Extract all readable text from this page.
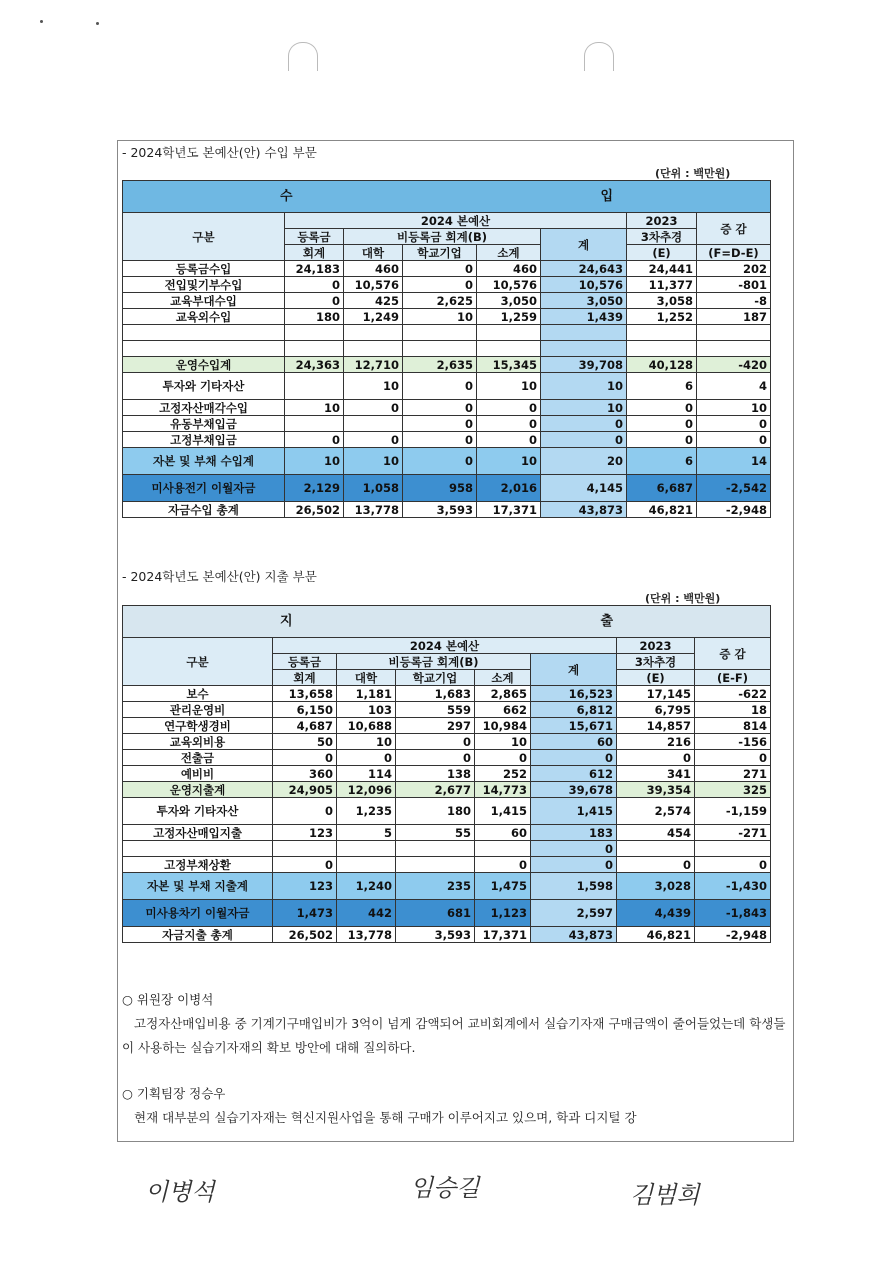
- 2024학년도 본예산(안) 수입 부문
(단위 : 백만원)
수 입							
구분	2024 본예산					2023	증 감
	등록금	비등록금 회계(B)			계	3차추경	
	회계	대학	학교기업	소계		(E)	(F=D-E)
등록금수입	24,183	460	0	460	24,643	24,441	202
전입및기부수입	0	10,576	0	10,576	10,576	11,377	-801
교육부대수입	0	425	2,625	3,050	3,050	3,058	-8
교육외수입	180	1,249	10	1,259	1,439	1,252	187

운영수입계	24,363	12,710	2,635	15,345	39,708	40,128	-420
투자와 기타자산		10	0	10	10	6	4
고정자산매각수입	10	0	0	0	10	0	10
유동부채입금			0	0	0	0	0
고정부채입금	0	0	0	0	0	0	0
자본 및 부채 수입계	10	10	0	10	20	6	14
미사용전기 이월자금	2,129	1,058	958	2,016	4,145	6,687	-2,542
자금수입 총계	26,502	13,778	3,593	17,371	43,873	46,821	-2,948
- 2024학년도 본예산(안) 지출 부문
(단위 : 백만원)
지 출							
구분	2024 본예산					2023	증 감
	등록금	비등록금 회계(B)			계	3차추경	
	회계	대학	학교기업	소계		(E)	(E-F)
보수	13,658	1,181	1,683	2,865	16,523	17,145	-622
관리운영비	6,150	103	559	662	6,812	6,795	18
연구학생경비	4,687	10,688	297	10,984	15,671	14,857	814
교육외비용	50	10	0	10	60	216	-156
전출금	0	0	0	0	0	0	0
예비비	360	114	138	252	612	341	271
운영지출계	24,905	12,096	2,677	14,773	39,678	39,354	325
투자와 기타자산	0	1,235	180	1,415	1,415	2,574	-1,159
고정자산매입지출	123	5	55	60	183	454	-271
					0		
고정부채상환	0			0	0	0	0
자본 및 부채 지출계	123	1,240	235	1,475	1,598	3,028	-1,430
미사용차기 이월자금	1,473	442	681	1,123	2,597	4,439	-1,843
자금지출 총계	26,502	13,778	3,593	17,371	43,873	46,821	-2,948
○ 위원장 이병석
고정자산매입비용 중 기계기구매입비가 3억이 넘게 감액되어 교비회계에서 실습기자재 구매금액이 줄어들었는데 학생들이 사용하는 실습기자재의 확보 방안에 대해 질의하다.
○ 기획팀장 정승우
현재 대부분의 실습기자재는 혁신지원사업을 통해 구매가 이루어지고 있으며, 학과 디지털 강
이병석	임승길	김범희
